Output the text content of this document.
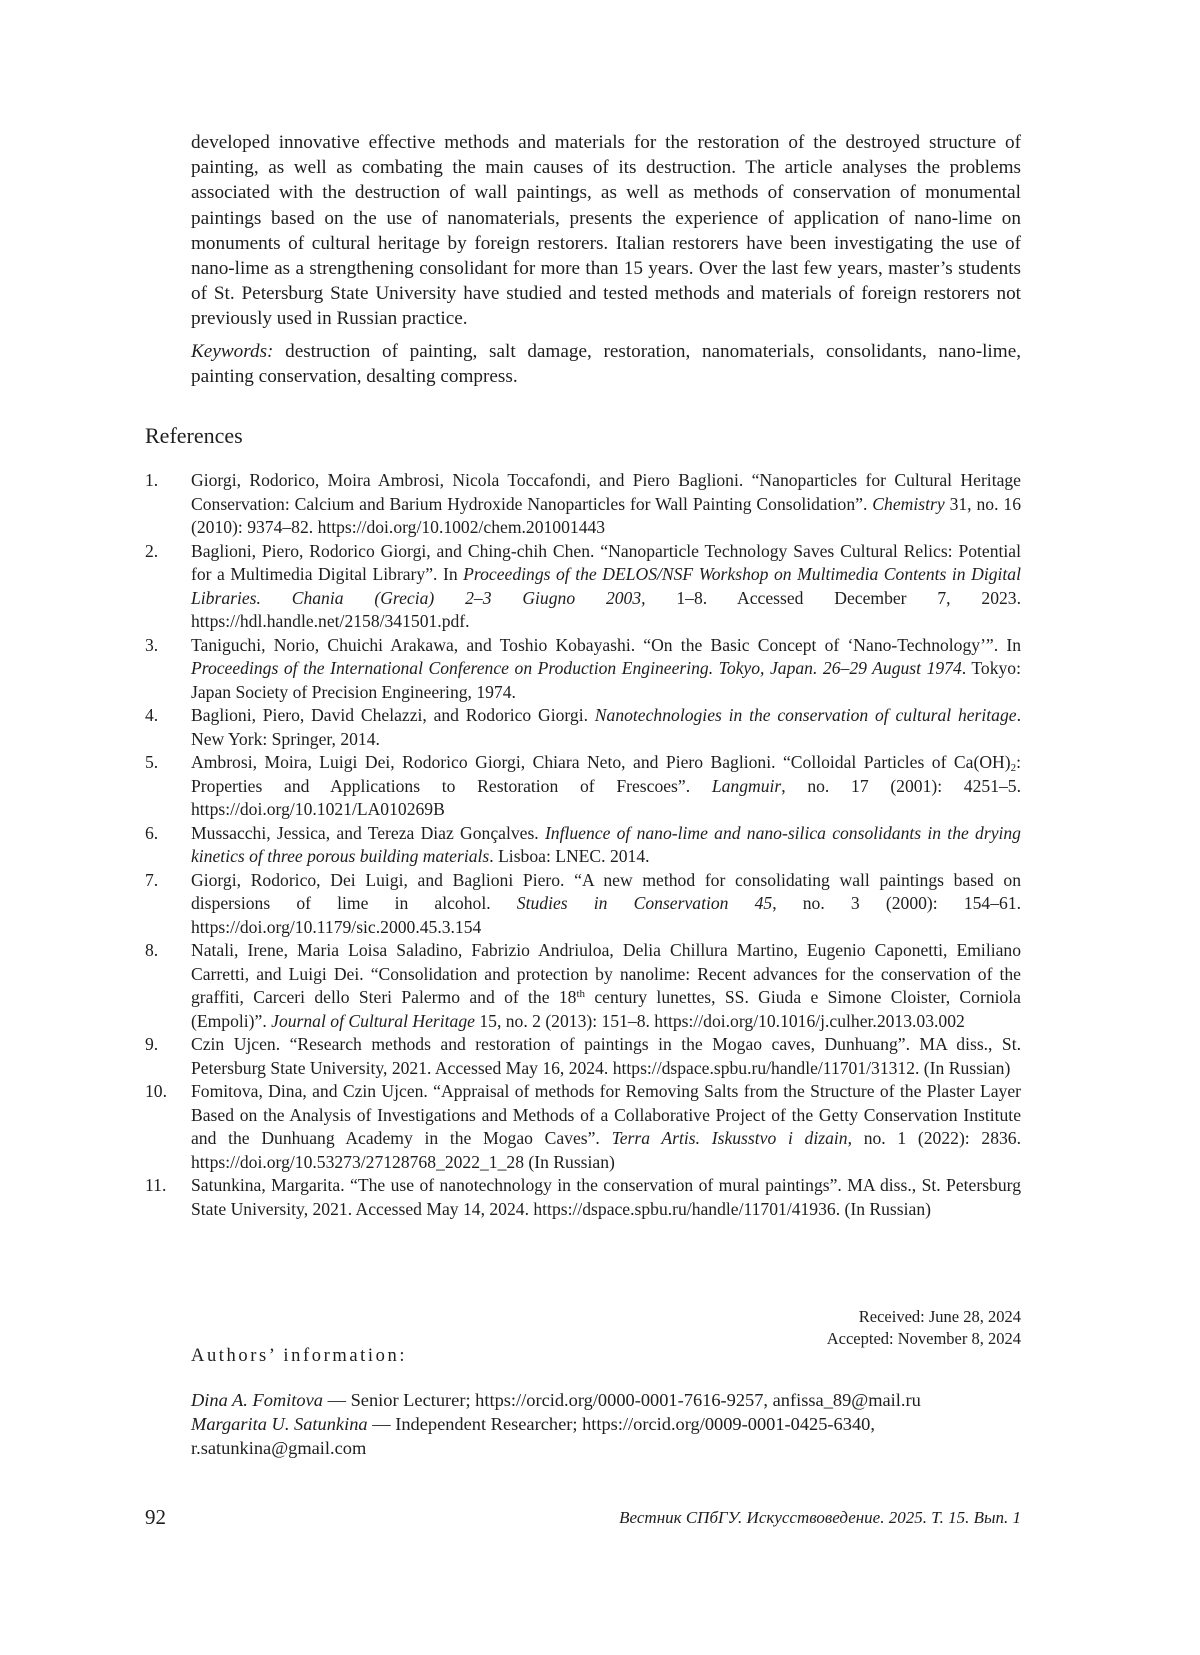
developed innovative effective methods and materials for the restoration of the destroyed structure of painting, as well as combating the main causes of its destruction. The article analyses the problems associated with the destruction of wall paintings, as well as methods of conservation of monumental paintings based on the use of nanomaterials, presents the experience of application of nano-lime on monuments of cultural heritage by foreign restorers. Italian restorers have been investigating the use of nano-lime as a strengthening consolidant for more than 15 years. Over the last few years, master’s students of St. Petersburg State University have studied and tested methods and materials of foreign restorers not previously used in Russian practice.

Keywords: destruction of painting, salt damage, restoration, nanomaterials, consolidants, nano-lime, painting conservation, desalting compress.

References
1. Giorgi, Rodorico, Moira Ambrosi, Nicola Toccafondi, and Piero Baglioni. “Nanoparticles for Cultural Heritage Conservation: Calcium and Barium Hydroxide Nanoparticles for Wall Painting Consolidation”. Chemistry 31, no. 16 (2010): 9374–82. https://doi.org/10.1002/chem.201001443
2. Baglioni, Piero, Rodorico Giorgi, and Ching-chih Chen. “Nanoparticle Technology Saves Cultural Relics: Potential for a Multimedia Digital Library”. In Proceedings of the DELOS/NSF Workshop on Multimedia Contents in Digital Libraries. Chania (Grecia) 2–3 Giugno 2003, 1–8. Accessed December 7, 2023. https://hdl.handle.net/2158/341501.pdf.
3. Taniguchi, Norio, Chuichi Arakawa, and Toshio Kobayashi. “On the Basic Concept of ‘Nano-Technology’”. In Proceedings of the International Conference on Production Engineering. Tokyo, Japan. 26–29 August 1974. Tokyo: Japan Society of Precision Engineering, 1974.
4. Baglioni, Piero, David Chelazzi, and Rodorico Giorgi. Nanotechnologies in the conservation of cultural heritage. New York: Springer, 2014.
5. Ambrosi, Moira, Luigi Dei, Rodorico Giorgi, Chiara Neto, and Piero Baglioni. “Colloidal Particles of $Ca(OH)_2$: Properties and Applications to Restoration of Frescoes”. Langmuir, no. 17 (2001): 4251–5. https://doi.org/10.1021/LA010269B
6. Mussacchi, Jessica, and Tereza Diaz Gonçalves. Influence of nano-lime and nano-silica consolidants in the drying kinetics of three porous building materials. Lisboa: LNEC. 2014.
7. Giorgi, Rodorico, Dei Luigi, and Baglioni Piero. “A new method for consolidating wall paintings based on dispersions of lime in alcohol. Studies in Conservation 45, no. 3 (2000): 154–61. https://doi.org/10.1179/sic.2000.45.3.154
8. Natali, Irene, Maria Loisa Saladino, Fabrizio Andriuloa, Delia Chillura Martino, Eugenio Caponetti, Emiliano Carretti, and Luigi Dei. “Consolidation and protection by nanolime: Recent advances for the conservation of the graffiti, Carceri dello Steri Palermo and of the 18th century lunettes, SS. Giuda e Simone Cloister, Corniola (Empoli)”. Journal of Cultural Heritage 15, no. 2 (2013): 151–8. https://doi.org/10.1016/j.culher.2013.03.002
9. Czin Ujcen. “Research methods and restoration of paintings in the Mogao caves, Dunhuang”. MA diss., St. Petersburg State University, 2021. Accessed May 16, 2024. https://dspace.spbu.ru/handle/11701/31312. (In Russian)
10. Fomitova, Dina, and Czin Ujcen. “Appraisal of methods for Removing Salts from the Structure of the Plaster Layer Based on the Analysis of Investigations and Methods of a Collaborative Project of the Getty Conservation Institute and the Dunhuang Academy in the Mogao Caves”. Terra Artis. Iskusstvo i dizain, no. 1 (2022): 2836. https://doi.org/10.53273/27128768_2022_1_28 (In Russian)
11. Satunkina, Margarita. “The use of nanotechnology in the conservation of mural paintings”. MA diss., St. Petersburg State University, 2021. Accessed May 14, 2024. https://dspace.spbu.ru/handle/11701/41936. (In Russian)
Received: June 28, 2024
Accepted: November 8, 2024
Authors’ information:

Dina A. Fomitova — Senior Lecturer; https://orcid.org/0000-0001-7616-9257, anfissa_89@mail.ru

Margarita U. Satunkina — Independent Researcher; https://orcid.org/0009-0001-0425-6340, r.satunkina@gmail.com

92	Вестник СПбГУ. Искусствоведение. 2025. Т. 15. Вып. 1
